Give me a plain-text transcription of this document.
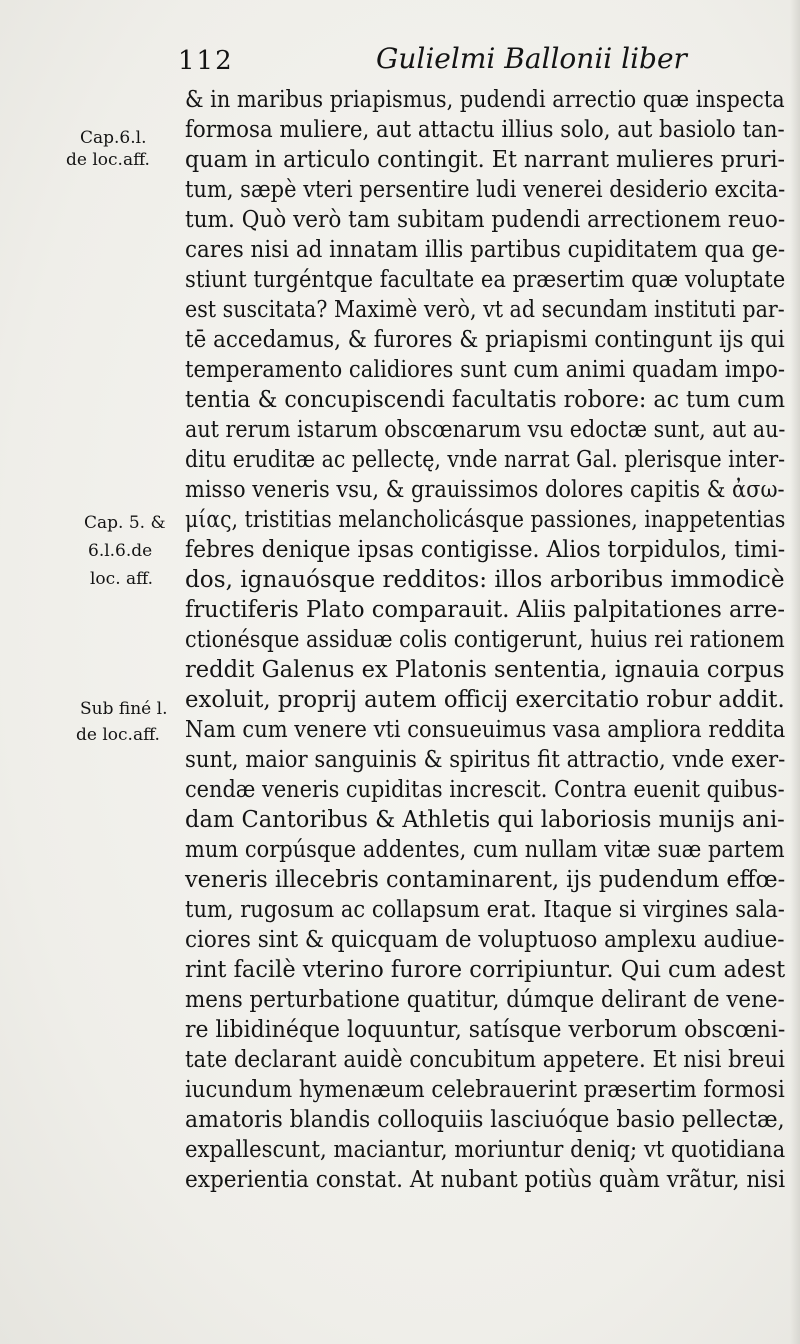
112	Gulielmi Ballonii liber
Cap.6.l.
de loc.aff.
Cap. 5. &
6.l.6.de
loc. aff.
Sub finé l.
de loc.aff.
& in maribus priapismus, pudendi arrectio quæ inspecta
formosa muliere, aut attactu illius solo, aut basiolo tan-
quam in articulo contingit. Et narrant mulieres pruri-
tum, sæpè vteri persentire ludi venerei desiderio excita-
tum. Quò verò tam subitam pudendi arrectionem reuo-
cares nisi ad innatam illis partibus cupiditatem qua ge-
stiunt turgéntque facultate ea præsertim quæ voluptate
est suscitata? Maximè verò, vt ad secundam instituti par-
tē accedamus, & furores & priapismi contingunt ijs qui
temperamento calidiores sunt cum animi quadam impo-
tentia & concupiscendi facultatis robore: ac tum cum
aut rerum istarum obscœnarum vsu edoctæ sunt, aut au-
ditu eruditæ ac pellectę, vnde narrat Gal. plerisque inter-
misso veneris vsu, & grauissimos dolores capitis & ἀσω-
μίας, tristitias melancholicásque passiones, inappetentias
febres denique ipsas contigisse. Alios torpidulos, timi-
dos, ignauósque redditos: illos arboribus immodicè
fructiferis Plato comparauit. Aliis palpitationes arre-
ctionésque assiduæ colis contigerunt, huius rei rationem
reddit Galenus ex Platonis sententia, ignauia corpus
exoluit, proprij autem officij exercitatio robur addit.
Nam cum venere vti consueuimus vasa ampliora reddita
sunt, maior sanguinis & spiritus fit attractio, vnde exer-
cendæ veneris cupiditas increscit. Contra euenit quibus-
dam Cantoribus & Athletis qui laboriosis munijs ani-
mum corpúsque addentes, cum nullam vitæ suæ partem
veneris illecebris contaminarent, ijs pudendum effœ-
tum, rugosum ac collapsum erat. Itaque si virgines sala-
ciores sint & quicquam de voluptuoso amplexu audiue-
rint facilè vterino furore corripiuntur. Qui cum adest
mens perturbatione quatitur, dúmque delirant de vene-
re libidinéque loquuntur, satísque verborum obscœni-
tate declarant auidè concubitum appetere. Et nisi breui
iucundum hymenæum celebrauerint præsertim formosi
amatoris blandis colloquiis lasciuóque basio pellectæ,
expallescunt, maciantur, moriuntur deniq; vt quotidiana
experientia constat. At nubant potiùs quàm vrãtur, nisi
